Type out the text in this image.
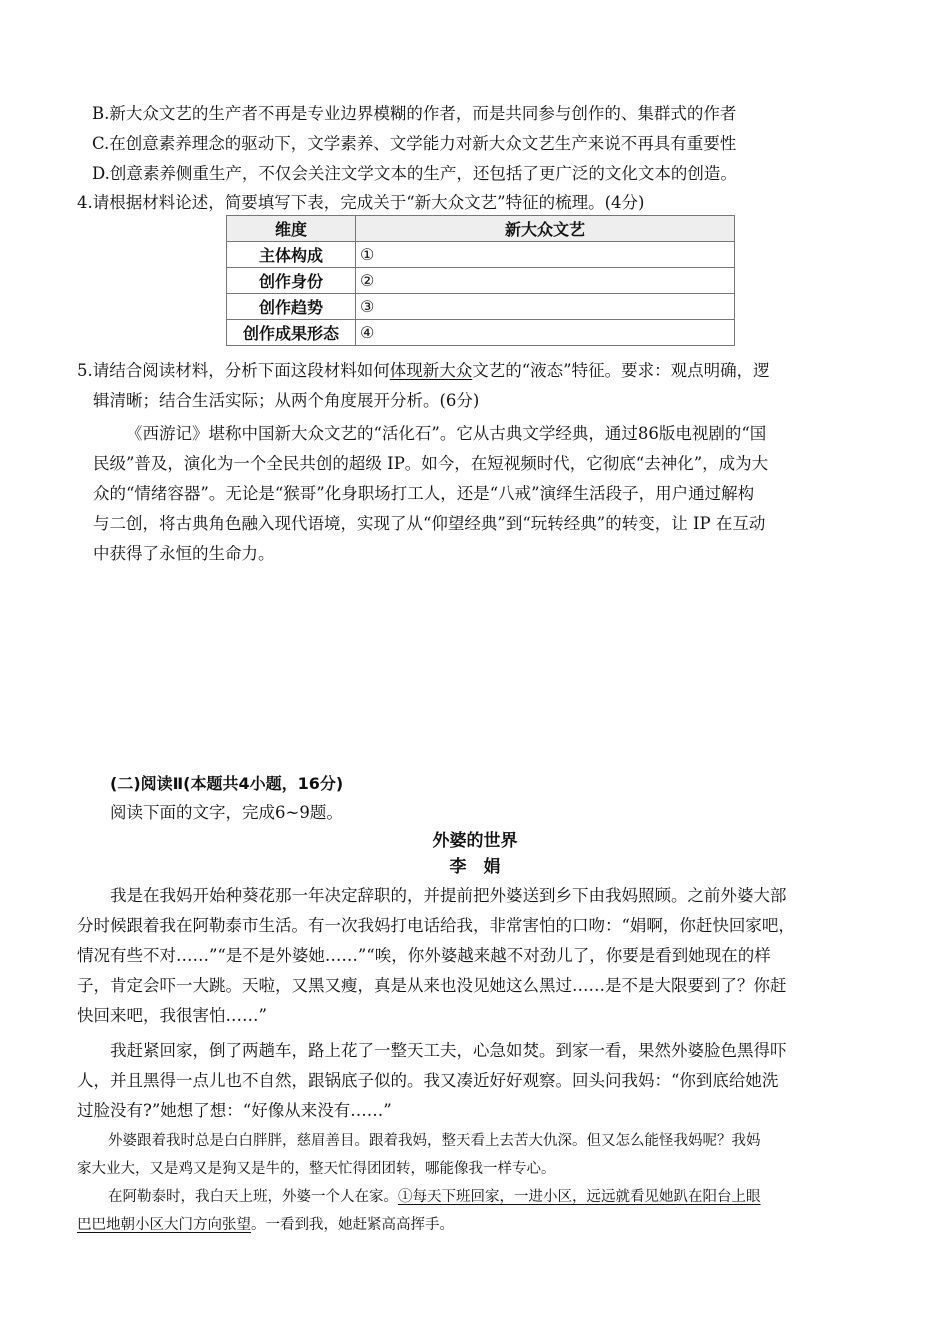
B.新大众文艺的生产者不再是专业边界模糊的作者，而是共同参与创作的、集群式的作者
C.在创意素养理念的驱动下，文学素养、文学能力对新大众文艺生产来说不再具有重要性
D.创意素养侧重生产，不仅会关注文学文本的生产，还包括了更广泛的文化文本的创造。
4.请根据材料论述，简要填写下表，完成关于“新大众文艺”特征的梳理。(4分)
维度	新大众文艺
主体构成	①
创作身份	②
创作趋势	③
创作成果形态	④
5.请结合阅读材料，分析下面这段材料如何体现新大众文艺的“液态”特征。要求：观点明确，逻
辑清晰；结合生活实际；从两个角度展开分析。(6分)
《西游记》堪称中国新大众文艺的“活化石”。它从古典文学经典，通过86版电视剧的“国
民级”普及，演化为一个全民共创的超级 IP。如今，在短视频时代，它彻底“去神化”，成为大
众的“情绪容器”。无论是“猴哥”化身职场打工人，还是“八戒”演绎生活段子，用户通过解构
与二创，将古典角色融入现代语境，实现了从“仰望经典”到“玩转经典”的转变，让 IP 在互动
中获得了永恒的生命力。
(二)阅读Ⅱ(本题共4小题，16分)
阅读下面的文字，完成6~9题。
外婆的世界
李　娟
我是在我妈开始种葵花那一年决定辞职的，并提前把外婆送到乡下由我妈照顾。之前外婆大部
分时候跟着我在阿勒泰市生活。有一次我妈打电话给我，非常害怕的口吻：“娟啊，你赶快回家吧，
情况有些不对……”“是不是外婆她……”“唉，你外婆越来越不对劲儿了，你要是看到她现在的样
子，肯定会吓一大跳。天啦，又黑又瘦，真是从来也没见她这么黑过……是不是大限要到了？你赶
快回来吧，我很害怕……”
我赶紧回家，倒了两趟车，路上花了一整天工夫，心急如焚。到家一看，果然外婆脸色黑得吓
人，并且黑得一点儿也不自然，跟锅底子似的。我又凑近好好观察。回头问我妈：“你到底给她洗
过脸没有?”她想了想：“好像从来没有……”
外婆跟着我时总是白白胖胖，慈眉善目。跟着我妈，整天看上去苦大仇深。但又怎么能怪我妈呢？我妈
家大业大，又是鸡又是狗又是牛的，整天忙得团团转，哪能像我一样专心。
在阿勒泰时，我白天上班，外婆一个人在家。①每天下班回家，一进小区，远远就看见她趴在阳台上眼
巴巴地朝小区大门方向张望。一看到我，她赶紧高高挥手。
